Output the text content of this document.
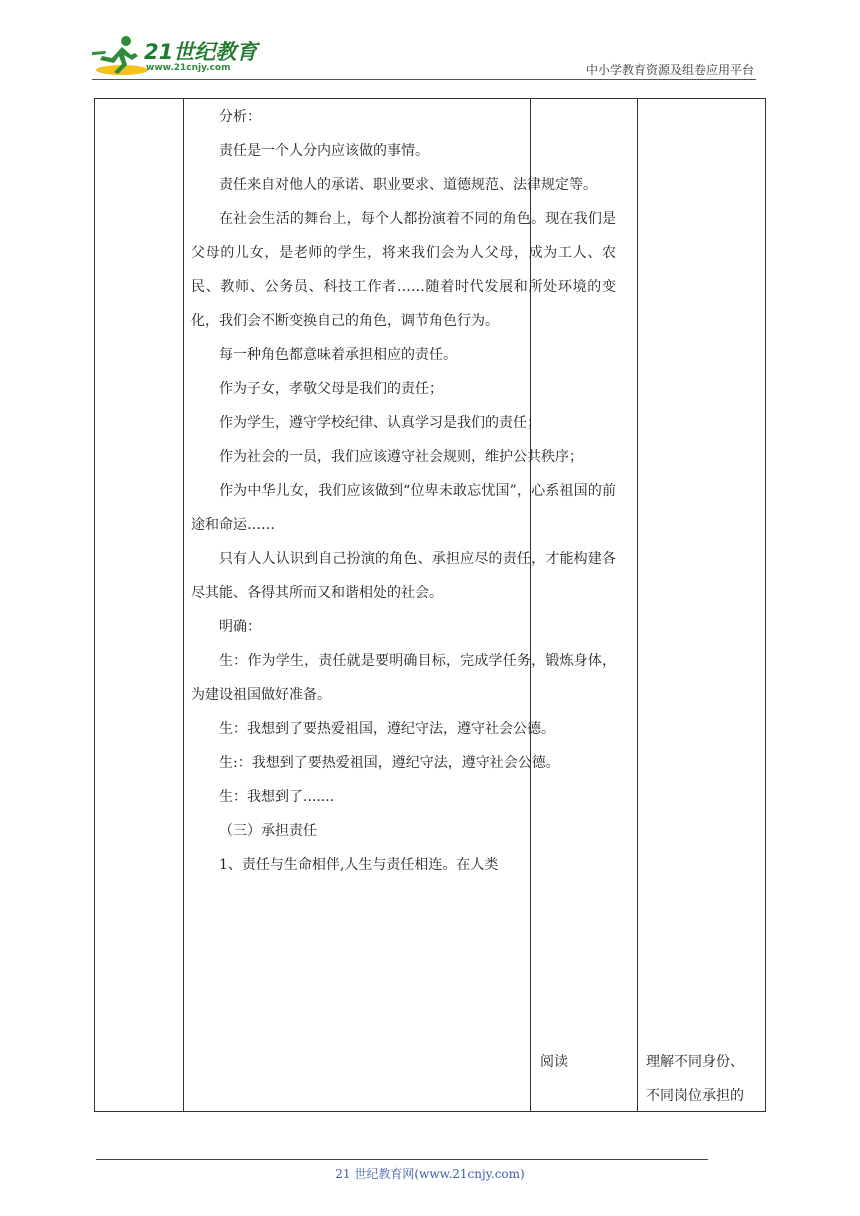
21世纪教育
www.21cnjy.com	中小学教育资源及组卷应用平台

分析：

责任是一个人分内应该做的事情。

责任来自对他人的承诺、职业要求、道德规范、法律规定等。

在社会生活的舞台上，每个人都扮演着不同的角色。现在我们是父母的儿女，是老师的学生，将来我们会为人父母，成为工人、农民、教师、公务员、科技工作者……随着时代发展和所处环境的变化，我们会不断变换自己的角色，调节角色行为。

每一种角色都意味着承担相应的责任。

作为子女，孝敬父母是我们的责任；

作为学生，遵守学校纪律、认真学习是我们的责任；

作为社会的一员，我们应该遵守社会规则，维护公共秩序；

作为中华儿女，我们应该做到“位卑未敢忘忧国”，心系祖国的前途和命运……

只有人人认识到自己扮演的角色、承担应尽的责任，才能构建各尽其能、各得其所而又和谐相处的社会。

明确：

生：作为学生，责任就是要明确目标，完成学任务，锻炼身体，为建设祖国做好准备。

生：我想到了要热爱祖国，遵纪守法，遵守社会公德。

生:：我想到了要热爱祖国，遵纪守法，遵守社会公德。

生：我想到了.......

（三）承担责任

1、责任与生命相伴,人生与责任相连。在人类

阅读	理解不同身份、
不同岗位承担的
21 世纪教育网(www.21cnjy.com)
